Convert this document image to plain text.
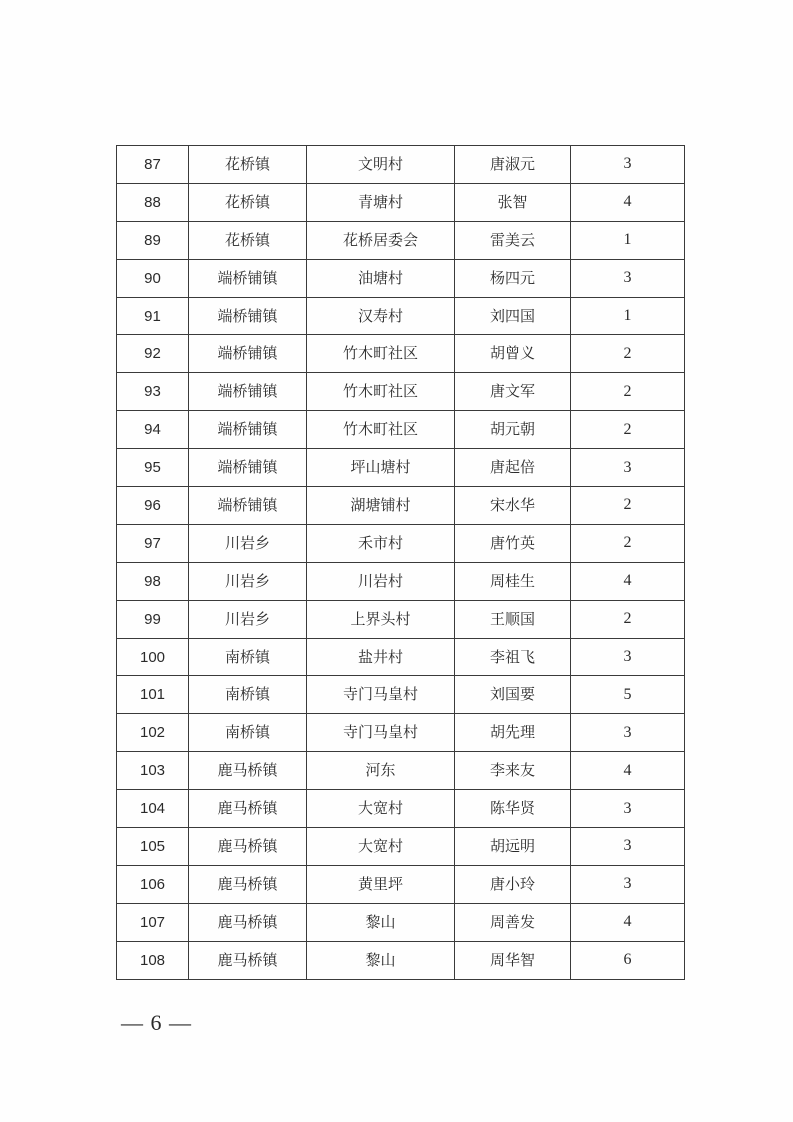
87	花桥镇	文明村	唐淑元	3
88	花桥镇	青塘村	张智	4
89	花桥镇	花桥居委会	雷美云	1
90	端桥铺镇	油塘村	杨四元	3
91	端桥铺镇	汉寿村	刘四国	1
92	端桥铺镇	竹木町社区	胡曾义	2
93	端桥铺镇	竹木町社区	唐文军	2
94	端桥铺镇	竹木町社区	胡元朝	2
95	端桥铺镇	坪山塘村	唐起倍	3
96	端桥铺镇	湖塘铺村	宋水华	2
97	川岩乡	禾市村	唐竹英	2
98	川岩乡	川岩村	周桂生	4
99	川岩乡	上界头村	王顺国	2
100	南桥镇	盐井村	李祖飞	3
101	南桥镇	寺门马皇村	刘国要	5
102	南桥镇	寺门马皇村	胡先理	3
103	鹿马桥镇	河东	李来友	4
104	鹿马桥镇	大宽村	陈华贤	3
105	鹿马桥镇	大宽村	胡远明	3
106	鹿马桥镇	黄里坪	唐小玲	3
107	鹿马桥镇	黎山	周善发	4
108	鹿马桥镇	黎山	周华智	6
— 6 —
